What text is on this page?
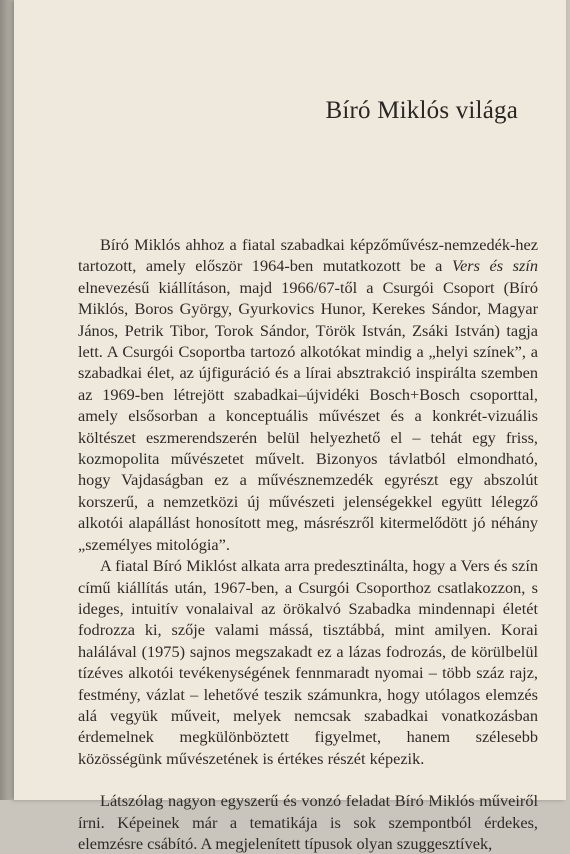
Bíró Miklós világa

Bíró Miklós ahhoz a fiatal szabadkai képzőművész-nemzedék-hez tartozott, amely először 1964-ben mutatkozott be a Vers és szín elnevezésű kiállításon, majd 1966/67-től a Csurgói Csoport (Bíró Miklós, Boros György, Gyurkovics Hunor, Kerekes Sándor, Magyar János, Petrik Tibor, Torok Sándor, Török István, Zsáki István) tagja lett. A Csurgói Csoportba tartozó alkotókat mindig a „helyi színek”, a szabadkai élet, az újfiguráció és a lírai absztrakció inspirálta szemben az 1969-ben létrejött szabadkai–újvidéki Bosch+Bosch csoporttal, amely elsősorban a konceptuális művészet és a konkrét-vizuális költészet eszmerendszerén belül helyezhető el – tehát egy friss, kozmopolita művészetet művelt. Bizonyos távlatból elmondható, hogy Vajdaságban ez a művésznemzedék egyrészt egy abszolút korszerű, a nemzetközi új művészeti jelenségekkel együtt lélegző alkotói alapállást honosított meg, másrészről kitermelődött jó néhány „személyes mitológia”.

A fiatal Bíró Miklóst alkata arra predesztinálta, hogy a Vers és szín című kiállítás után, 1967-ben, a Csurgói Csoporthoz csatlakozzon, s ideges, intuitív vonalaival az örökalvó Szabadka mindennapi életét fodrozza ki, szője valami mássá, tisztábbá, mint amilyen. Korai halálával (1975) sajnos megszakadt ez a lázas fodrozás, de körülbelül tízéves alkotói tevékenységének fennmaradt nyomai – több száz rajz, festmény, vázlat – lehetővé teszik számunkra, hogy utólagos elemzés alá vegyük műveit, melyek nemcsak szabadkai vonatkozásban érdemelnek megkülönböztett figyelmet, hanem szélesebb közösségünk művészetének is értékes részét képezik.

Látszólag nagyon egyszerű és vonzó feladat Bíró Miklós műveiről írni. Képeinek már a tematikája is sok szempontból érdekes, elemzésre csábító. A megjelenített típusok olyan szuggesztívek,
